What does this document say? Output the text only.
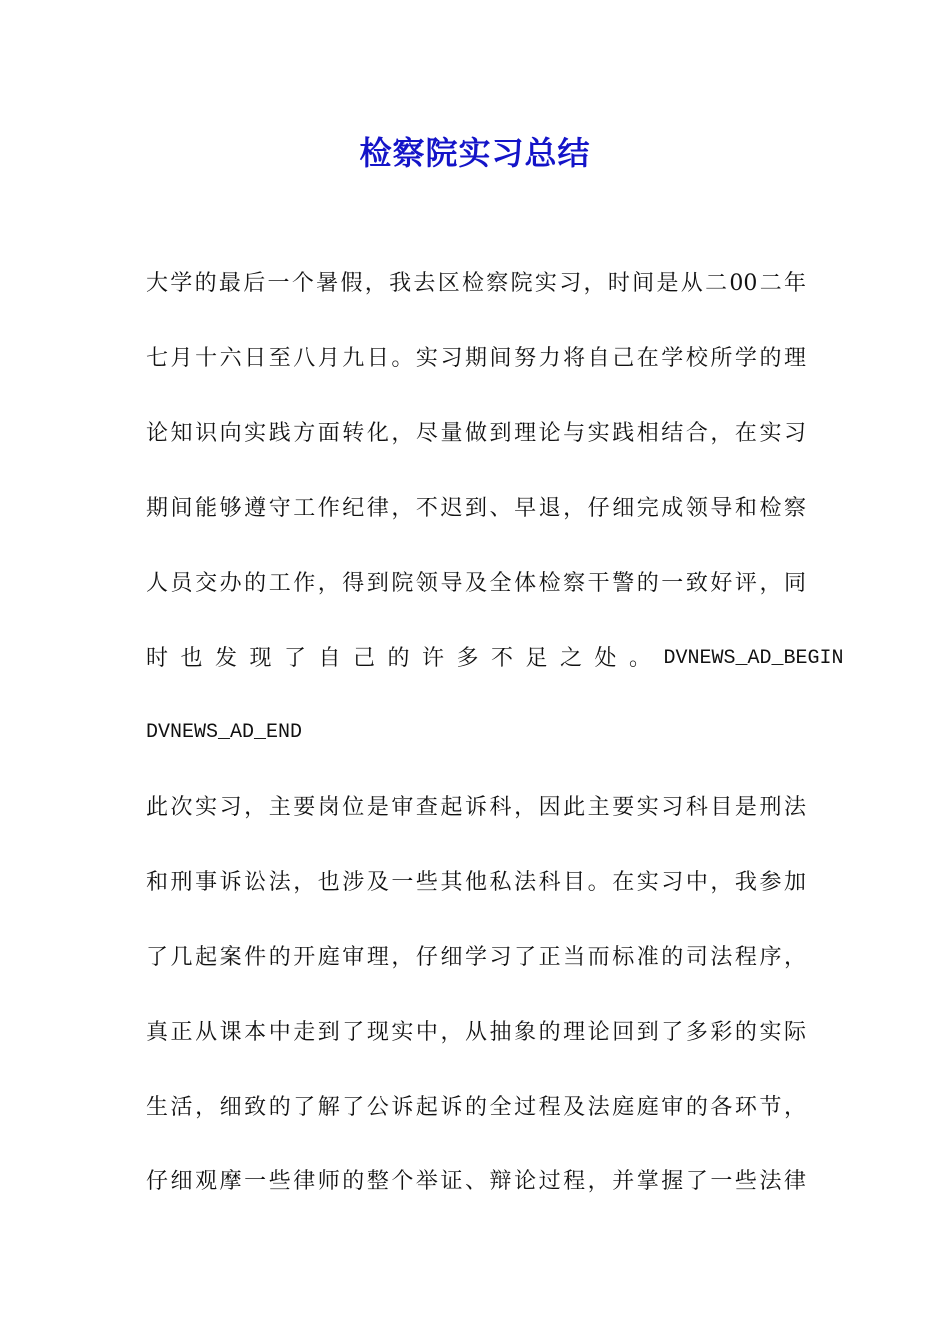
检察院实习总结
大学的最后一个暑假，我去区检察院实习，时间是从二00二年
七月十六日至八月九日。实习期间努力将自己在学校所学的理
论知识向实践方面转化，尽量做到理论与实践相结合，在实习
期间能够遵守工作纪律，不迟到、早退，仔细完成领导和检察
人员交办的工作，得到院领导及全体检察干警的一致好评，同
时也发现了自己的许多不足之处。 DVNEWS_AD_BEGIN
DVNEWS_AD_END
此次实习，主要岗位是审查起诉科，因此主要实习科目是刑法
和刑事诉讼法，也涉及一些其他私法科目。在实习中，我参加
了几起案件的开庭审理，仔细学习了正当而标准的司法程序，
真正从课本中走到了现实中，从抽象的理论回到了多彩的实际
生活，细致的了解了公诉起诉的全过程及法庭庭审的各环节，
仔细观摩一些律师的整个举证、辩论过程，并掌握了一些法律
